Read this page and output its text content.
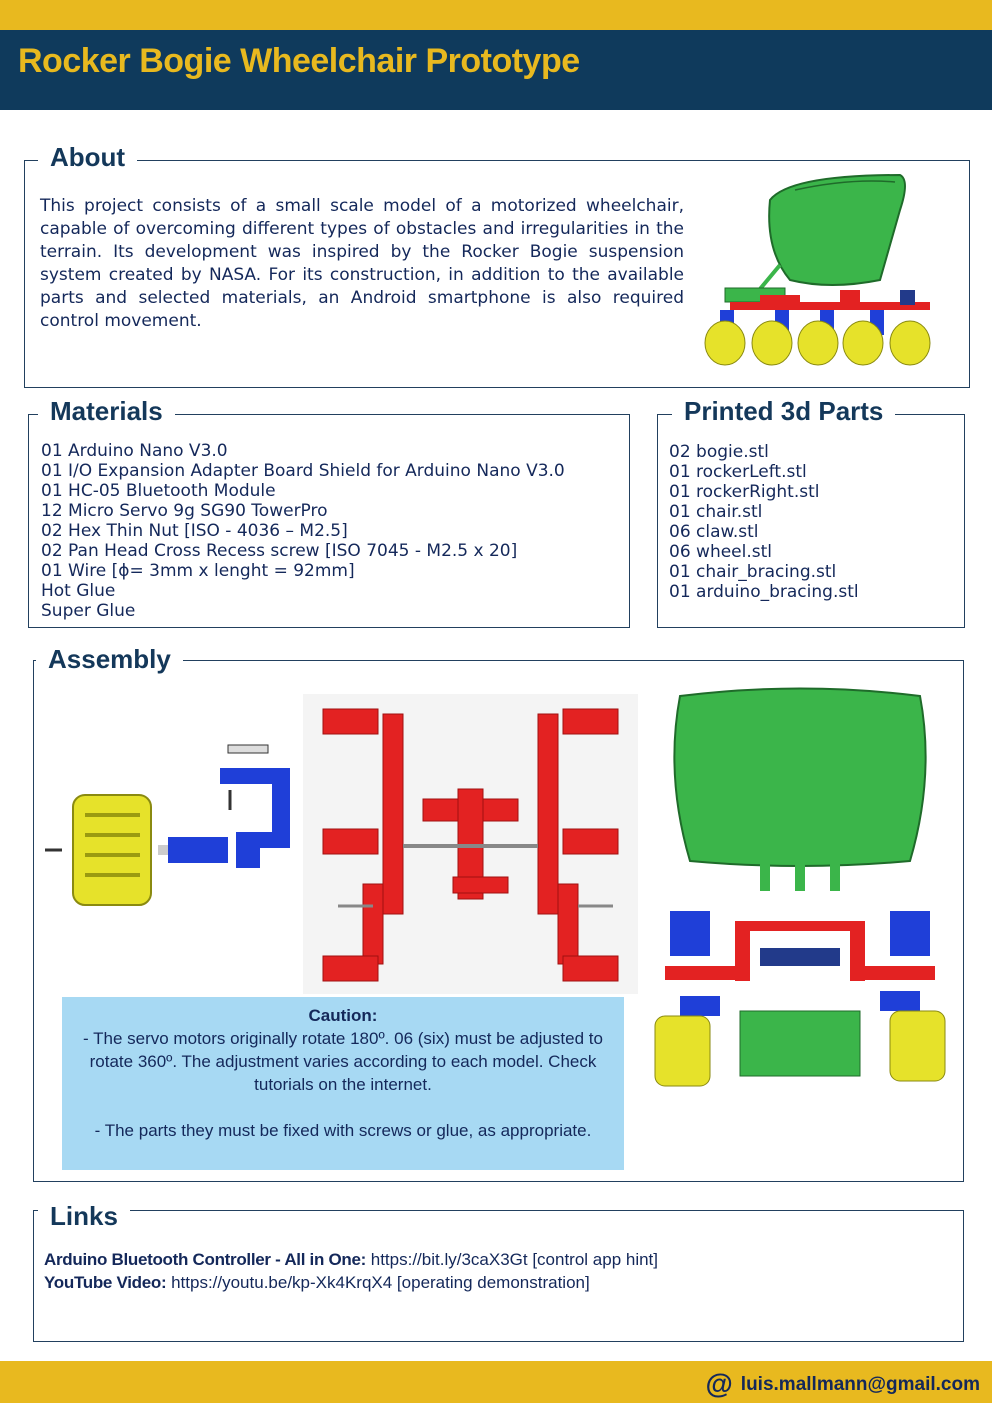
Rocker Bogie Wheelchair Prototype
About
This project consists of a small scale model of a motorized wheelchair, capable of overcoming different types of obstacles and irregularities in the terrain. Its development was inspired by the Rocker Bogie suspension system created by NASA. For its construction, in addition to the available parts and selected materials, an Android smartphone is also required control movement.
Materials
01 Arduino Nano V3.0
01 I/O Expansion Adapter Board Shield for Arduino Nano V3.0
01 HC-05 Bluetooth Module
12 Micro Servo 9g SG90 TowerPro
02 Hex Thin Nut [ISO - 4036 – M2.5]
02 Pan Head Cross Recess screw [ISO 7045 - M2.5 x 20]
01 Wire [ϕ= 3mm x lenght = 92mm]
Hot Glue
Super Glue
Printed 3d Parts
02 bogie.stl
01 rockerLeft.stl
01 rockerRight.stl
01 chair.stl
06 claw.stl
06 wheel.stl
01 chair_bracing.stl
01 arduino_bracing.stl
Assembly
Caution:

- The servo motors originally rotate 180º. 06 (six) must be adjusted to rotate 360º. The adjustment varies according to each model. Check tutorials on the internet.

- The parts they must be fixed with screws or glue, as appropriate.

Links
Arduino Bluetooth Controller - All in One: https://bit.ly/3caX3Gt [control app hint]
YouTube Video: https://youtu.be/kp-Xk4KrqX4 [operating demonstration]
@ luis.mallmann@gmail.com
